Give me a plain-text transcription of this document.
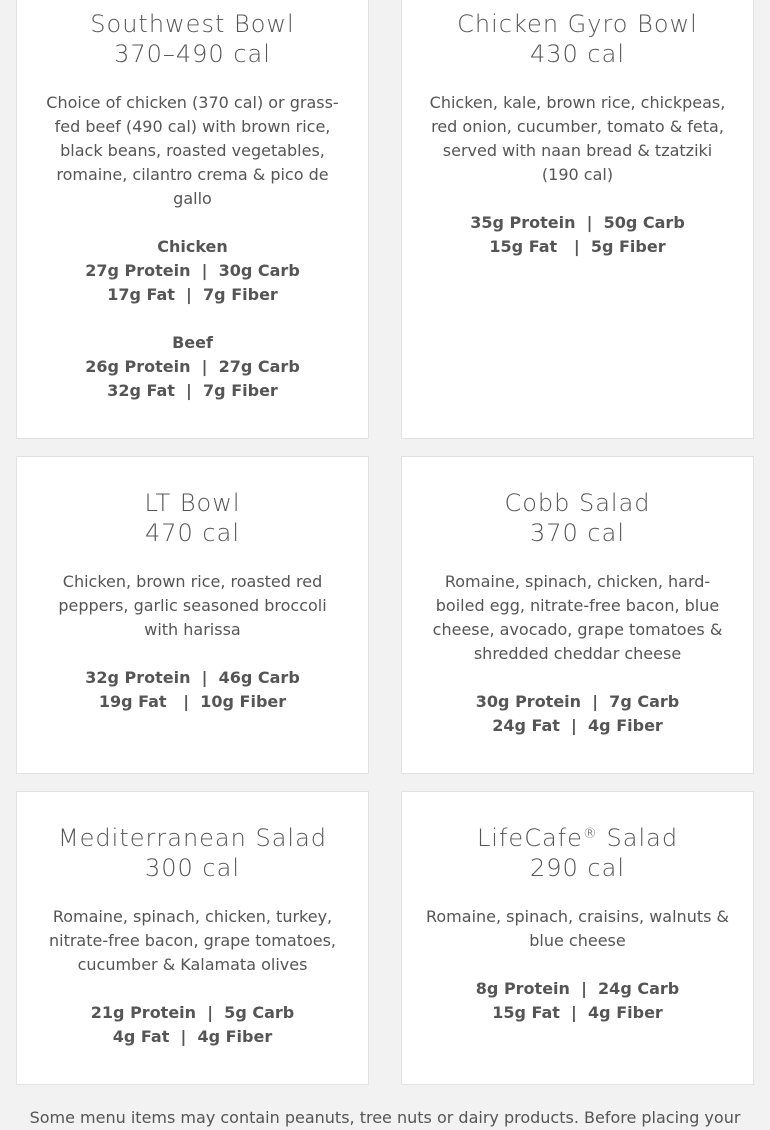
Southwest Bowl

370–490 cal

Choice of chicken (370 cal) or grass-fed beef (490 cal) with brown rice, black beans, roasted vegetables, romaine, cilantro crema & pico de gallo

Chicken

27g Protein  |  30g Carb

17g Fat  |  7g Fiber

Beef

26g Protein  |  27g Carb

32g Fat  |  7g Fiber

Chicken Gyro Bowl

430 cal

Chicken, kale, brown rice, chickpeas, red onion, cucumber, tomato & feta, served with naan bread & tzatziki (190 cal)

35g Protein  |  50g Carb

15g Fat   |  5g Fiber

LT Bowl

470 cal

Chicken, brown rice, roasted red peppers, garlic seasoned broccoli with harissa

32g Protein  |  46g Carb

19g Fat   |  10g Fiber

Cobb Salad

370 cal

Romaine, spinach, chicken, hard-boiled egg, nitrate-free bacon, blue cheese, avocado, grape tomatoes & shredded cheddar cheese

30g Protein  |  7g Carb

24g Fat  |  4g Fiber

Mediterranean Salad

300 cal

Romaine, spinach, chicken, turkey, nitrate-free bacon, grape tomatoes, cucumber & Kalamata olives

21g Protein  |  5g Carb

4g Fat  |  4g Fiber

LifeCafe® Salad

290 cal

Romaine, spinach, craisins, walnuts & blue cheese

8g Protein  |  24g Carb

15g Fat  |  4g Fiber

Some menu items may contain peanuts, tree nuts or dairy products. Before placing your
